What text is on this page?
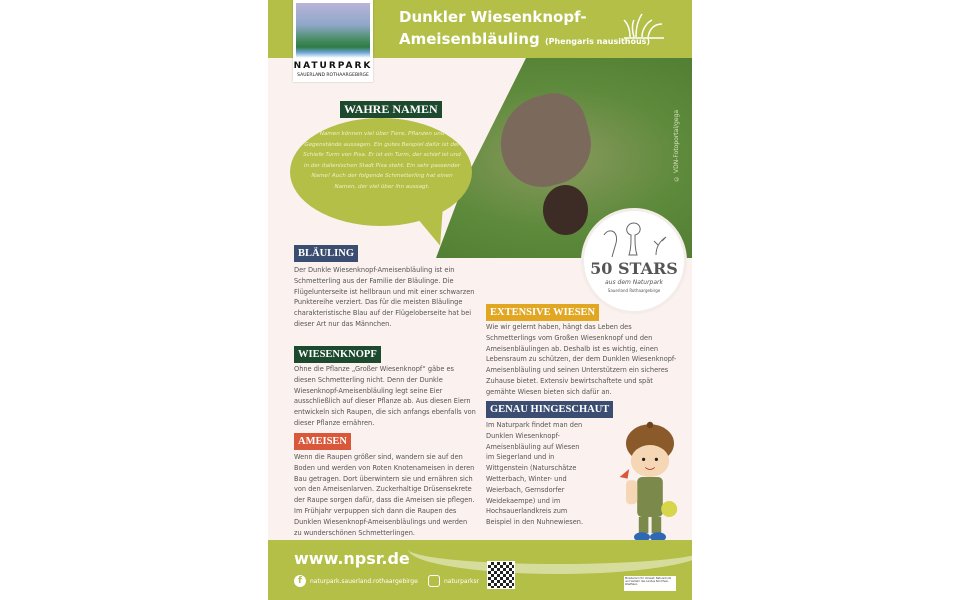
© VDN-Fotoportal/gega
NATURPARK
SAUERLAND ROTHAARGEBIRGE
Dunkler Wiesenknopf-
Ameisenbläuling (Phengaris nausithous)
WAHRE NAMEN
Namen können viel über Tiere, Pflanzen und Gegenstände aussagen. Ein gutes Beispiel dafür ist der Schiefe Turm von Pisa. Er ist ein Turm, der schief ist und in der italienischen Stadt Pisa steht. Ein sehr passender Name! Auch der folgende Schmetterling hat einen Namen, der viel über ihn aussagt.
50 STARS
aus dem Naturpark
Sauerland Rothaargebirge
BLÄULING
Der Dunkle Wiesenknopf-Ameisenbläuling ist ein Schmetterling aus der Familie der Bläulinge. Die Flügelunterseite ist hellbraun und mit einer schwarzen Punktereihe verziert. Das für die meisten Bläulinge charakteristische Blau auf der Flügeloberseite hat bei dieser Art nur das Männchen.
WIESENKNOPF
Ohne die Pflanze „Großer Wiesenknopf“ gäbe es diesen Schmetterling nicht. Denn der Dunkle Wiesenknopf-Ameisenbläuling legt seine Eier ausschließlich auf dieser Pflanze ab. Aus diesen Eiern entwickeln sich Raupen, die sich anfangs ebenfalls von dieser Pflanze ernähren.
AMEISEN
Wenn die Raupen größer sind, wandern sie auf den Boden und werden von Roten Knotenameisen in deren Bau getragen. Dort überwintern sie und ernähren sich von den Ameisenlarven. Zuckerhaltige Drüsensekrete der Raupe sorgen dafür, dass die Ameisen sie pflegen. Im Frühjahr verpuppen sich dann die Raupen des Dunklen Wiesenknopf-Ameisenbläulings und werden zu wunderschönen Schmetterlingen.
EXTENSIVE WIESEN
Wie wir gelernt haben, hängt das Leben des Schmetterlings vom Großen Wiesenknopf und den Ameisenbläulingen ab. Deshalb ist es wichtig, einen Lebensraum zu schützen, der dem Dunklen Wiesenknopf-Ameisenbläuling und seinen Unterstützern ein sicheres Zuhause bietet. Extensiv bewirtschaftete und spät gemähte Wiesen bieten sich dafür an.
GENAU HINGESCHAUT
Im Naturpark findet man den Dunklen Wiesenknopf-Ameisenbläuling auf Wiesen im Siegerland und in Wittgenstein (Naturschätze Wetterbach, Winter- und Weierbach, Gernsdorfer Weidekaempe) und im Hochsauerlandkreis zum Beispiel in den Nuhnewiesen.
www.npsr.de
f	naturpark.sauerland.rothaargebirge	naturparksr	Ministerium für Umwelt, Naturschutz und Verkehr des Landes Nordrhein-Westfalen
